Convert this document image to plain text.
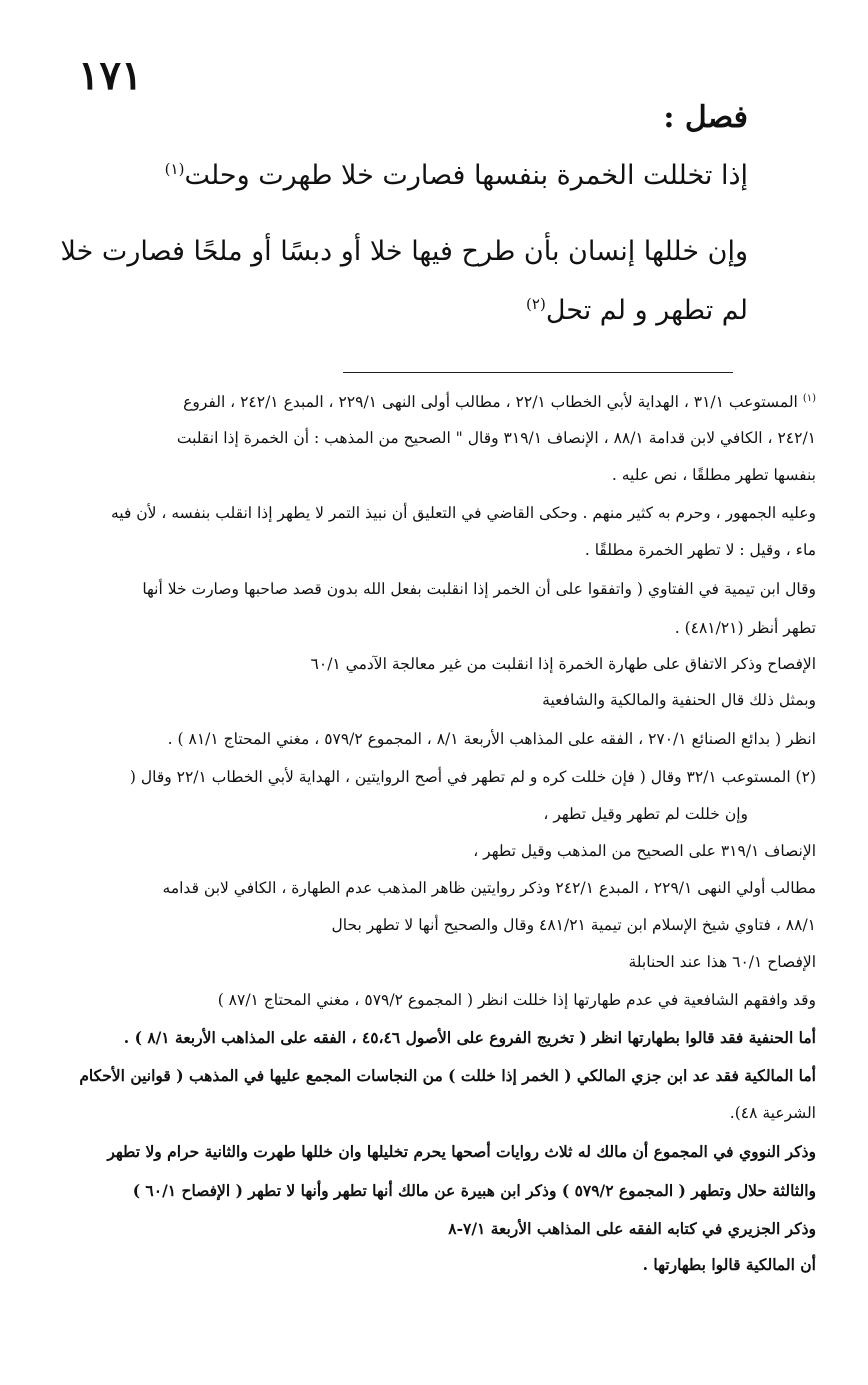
١٧١
فصل :
إذا تخللت الخمرة بنفسها فصارت خلا طهرت وحلت$^{(١)}$
وإن خللها إنسان بأن طرح فيها خلا أو دبسًا أو ملحًا فصارت خلا
لم تطهر و لم تحل$^{(٢)}$
$^{(١)}$ المستوعب ٣١/١ ، الهداية لأبي الخطاب ٢٢/١ ، مطالب أولى النهى ٢٢٩/١ ، المبدع ٢٤٢/١ ، الفروع
٢٤٢/١ ، الكافي لابن قدامة ٨٨/١ ، الإنصاف ٣١٩/١ وقال " الصحيح من المذهب : أن الخمرة إذا انقلبت
بنفسها تطهر مطلقًا ، نص عليه .
وعليه الجمهور ، وحرم به كثير منهم . وحكى القاضي في التعليق أن نبيذ التمر لا يطهر إذا انقلب بنفسه ، لأن فيه
ماء ، وقيل : لا تطهر الخمرة مطلقًا .
وقال ابن تيمية في الفتاوي ( واتفقوا على أن الخمر إذا انقلبت بفعل الله بدون قصد صاحبها وصارت خلا أنها
تطهر أنظر (٤٨١/٢١) .
الإفصاح وذكر الاتفاق على طهارة الخمرة إذا انقلبت من غير معالجة الآدمي ٦٠/١
وبمثل ذلك قال الحنفية والمالكية والشافعية
انظر ( بدائع الصنائع ٢٧٠/١ ، الفقه على المذاهب الأربعة ٨/١ ، المجموع ٥٧٩/٢ ، مغني المحتاج ٨١/١ ) .
(٢) المستوعب ٣٢/١ وقال ( فإن خللت كره و لم تطهر في أصح الروايتين ، الهداية لأبي الخطاب ٢٢/١ وقال (
وإن خللت لم تطهر وقيل تطهر ،
الإنصاف ٣١٩/١ على الصحيح من المذهب وقيل تطهر ،
مطالب أولي النهى ٢٢٩/١ ، المبدع ٢٤٢/١ وذكر روايتين ظاهر المذهب عدم الطهارة ، الكافي لابن قدامه
٨٨/١ ، فتاوي شيخ الإسلام ابن تيمية ٤٨١/٢١ وقال والصحيح أنها لا تطهر بحال
الإفصاح ٦٠/١ هذا عند الحنابلة
وقد وافقهم الشافعية في عدم طهارتها إذا خللت انظر ( المجموع ٥٧٩/٢ ، مغني المحتاج ٨٧/١ )
أما الحنفية فقد قالوا بطهارتها انظر ( تخريج الفروع على الأصول ٤٥،٤٦ ، الفقه على المذاهب الأربعة ٨/١ ) .
أما المالكية فقد عد ابن جزي المالكي ( الخمر إذا خللت ) من النجاسات المجمع عليها في المذهب ( قوانين الأحكام
الشرعية ٤٨).
وذكر النووي في المجموع أن مالك له ثلاث روايات أصحها يحرم تخليلها وان خللها طهرت والثانية حرام ولا تطهر
والثالثة حلال وتطهر ( المجموع ٥٧٩/٢ ) وذكر ابن هبيرة عن مالك أنها تطهر وأنها لا تطهر ( الإفصاح ٦٠/١ )
وذكر الجزيري في كتابه الفقه على المذاهب الأربعة ٧/١-٨
أن المالكية قالوا بطهارتها .
